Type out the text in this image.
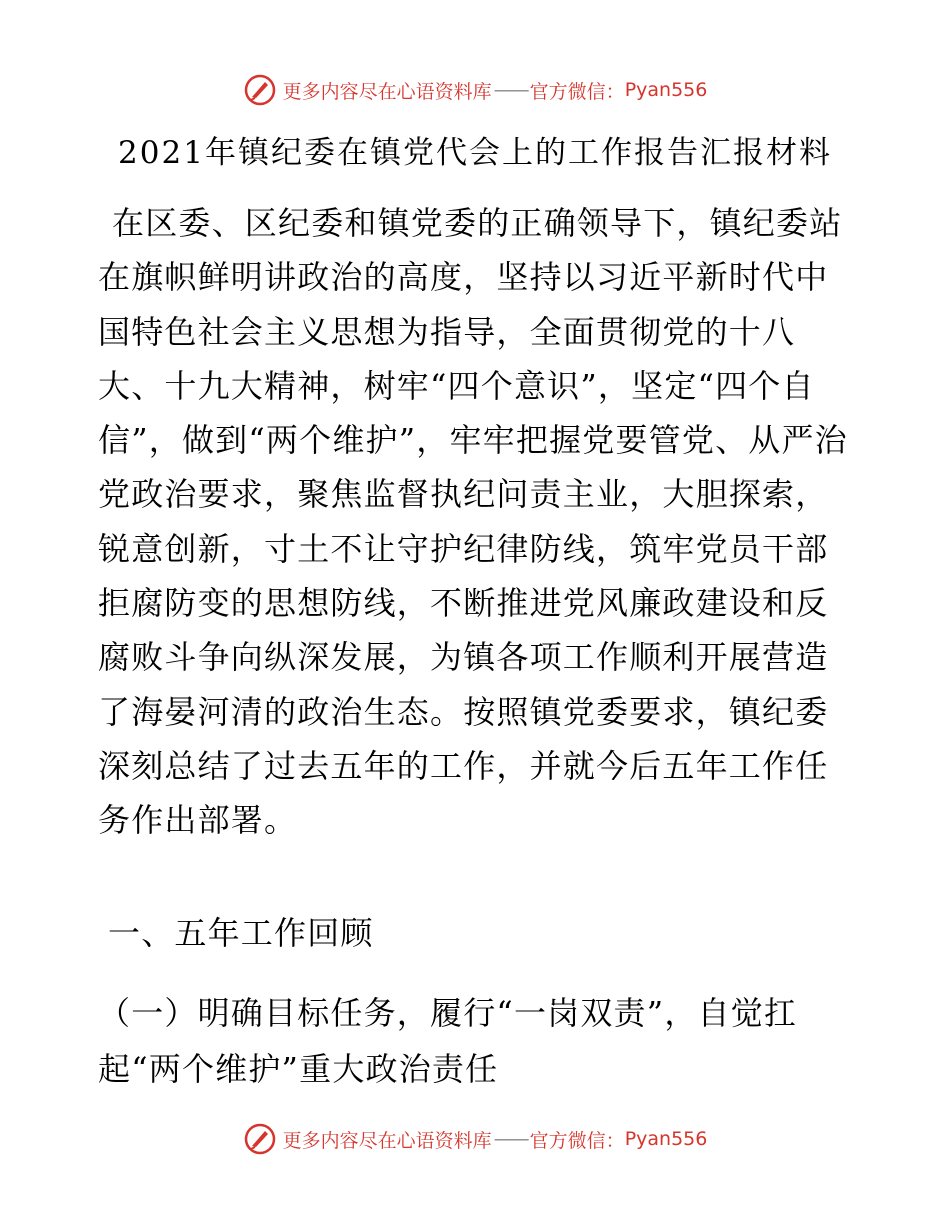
更多内容尽在心语资料库 —— 官方微信： Pyan556
2021年镇纪委在镇党代会上的工作报告汇报材料
在区委、区纪委和镇党委的正确领导下，镇纪委站在旗帜鲜明讲政治的高度，坚持以习近平新时代中国特色社会主义思想为指导，全面贯彻党的十八大、十九大精神，树牢“四个意识”，坚定“四个自信”，做到“两个维护”，牢牢把握党要管党、从严治党政治要求，聚焦监督执纪问责主业，大胆探索，锐意创新，寸土不让守护纪律防线，筑牢党员干部拒腐防变的思想防线，不断推进党风廉政建设和反腐败斗争向纵深发展，为镇各项工作顺利开展营造了海晏河清的政治生态。按照镇党委要求，镇纪委深刻总结了过去五年的工作，并就今后五年工作任务作出部署。
一、五年工作回顾
（一）明确目标任务，履行“一岗双责”，自觉扛起“两个维护”重大政治责任
更多内容尽在心语资料库 —— 官方微信： Pyan556
